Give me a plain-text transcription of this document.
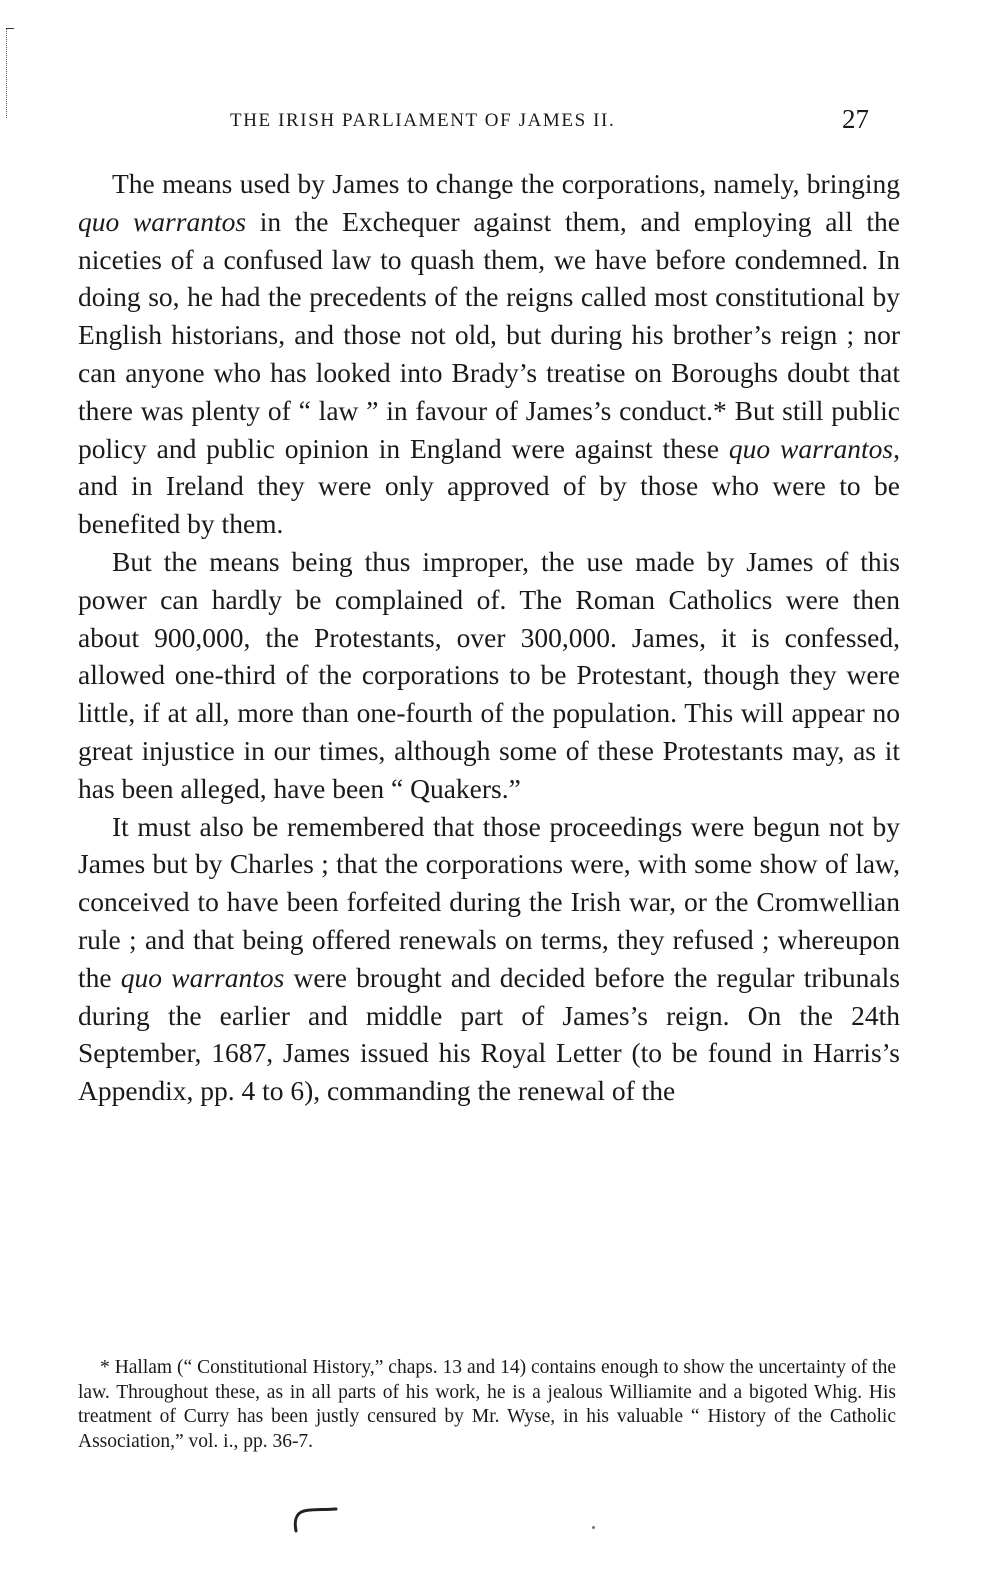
THE IRISH PARLIAMENT OF JAMES II.	27

The means used by James to change the corporations, namely, bringing quo warrantos in the Exchequer against them, and employing all the niceties of a confused law to quash them, we have before condemned. In doing so, he had the precedents of the reigns called most constitutional by English historians, and those not old, but during his brother’s reign ; nor can anyone who has looked into Brady’s treatise on Boroughs doubt that there was plenty of “ law ” in favour of James’s conduct.* But still public policy and public opinion in England were against these quo warrantos, and in Ireland they were only approved of by those who were to be benefited by them.

But the means being thus improper, the use made by James of this power can hardly be complained of. The Roman Catholics were then about 900,000, the Protestants, over 300,000. James, it is confessed, allowed one-third of the corporations to be Protestant, though they were little, if at all, more than one-fourth of the population. This will appear no great injustice in our times, although some of these Protestants may, as it has been alleged, have been “ Quakers.”

It must also be remembered that those proceedings were begun not by James but by Charles ; that the corporations were, with some show of law, conceived to have been forfeited during the Irish war, or the Cromwellian rule ; and that being offered renewals on terms, they refused ; whereupon the quo warrantos were brought and decided before the regular tribunals during the earlier and middle part of James’s reign. On the 24th September, 1687, James issued his Royal Letter (to be found in Harris’s Appendix, pp. 4 to 6), commanding the renewal of the

* Hallam (“ Constitutional History,” chaps. 13 and 14) contains enough to show the uncertainty of the law. Throughout these, as in all parts of his work, he is a jealous Williamite and a bigoted Whig. His treatment of Curry has been justly censured by Mr. Wyse, in his valuable “ History of the Catholic Association,” vol. i., pp. 36-7.
